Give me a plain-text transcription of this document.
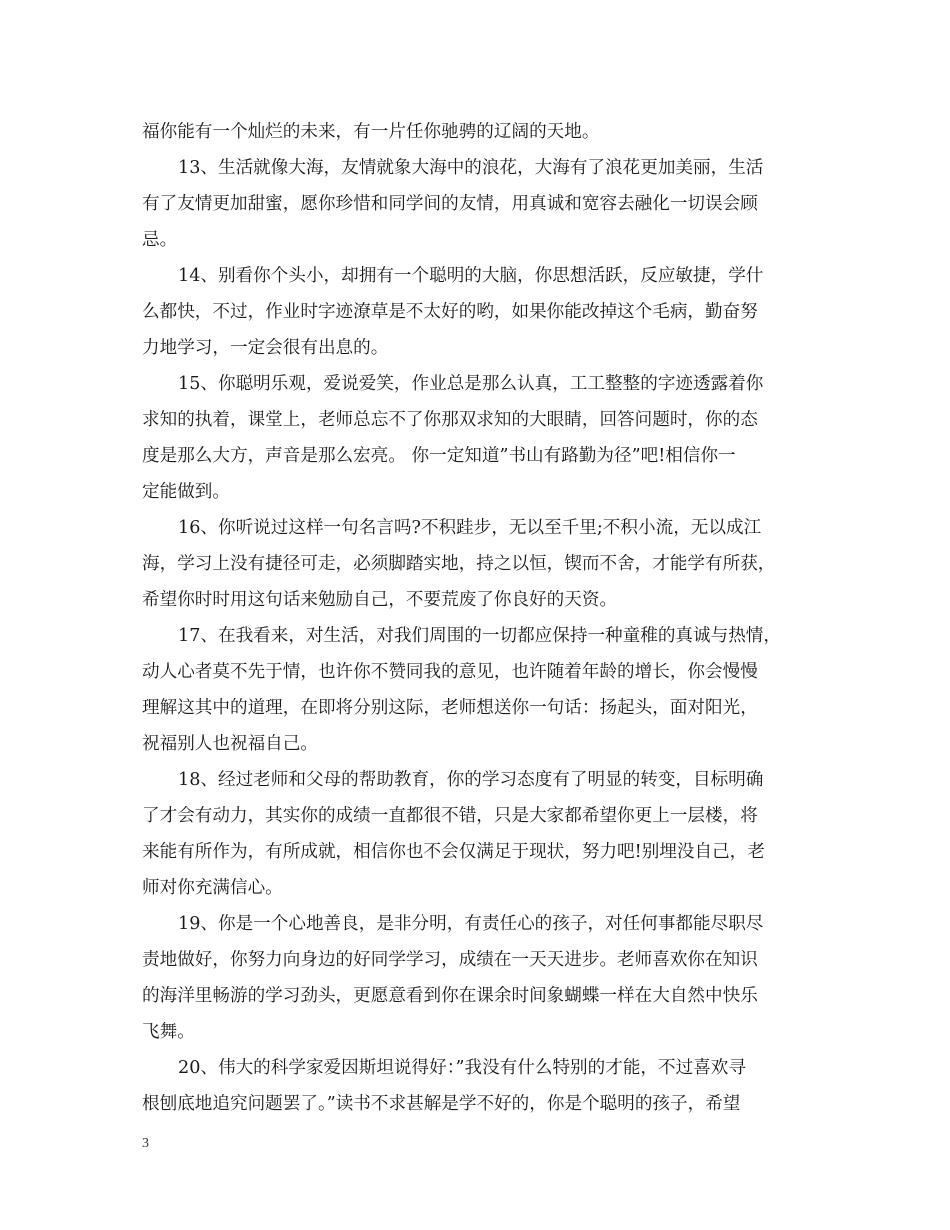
福你能有一个灿烂的未来，有一片任你驰骋的辽阔的天地。
13、生活就像大海，友情就象大海中的浪花，大海有了浪花更加美丽，生活
有了友情更加甜蜜，愿你珍惜和同学间的友情，用真诚和宽容去融化一切误会顾
忌。
14、别看你个头小，却拥有一个聪明的大脑，你思想活跃，反应敏捷，学什
么都快，不过，作业时字迹潦草是不太好的哟，如果你能改掉这个毛病，勤奋努
力地学习，一定会很有出息的。
15、你聪明乐观，爱说爱笑，作业总是那么认真，工工整整的字迹透露着你
求知的执着，课堂上，老师总忘不了你那双求知的大眼睛，回答问题时，你的态
度是那么大方，声音是那么宏亮。 你一定知道”书山有路勤为径”吧!相信你一
定能做到。
16、你听说过这样一句名言吗?不积跬步，无以至千里;不积小流，无以成江
海，学习上没有捷径可走，必须脚踏实地，持之以恒，锲而不舍，才能学有所获，
希望你时时用这句话来勉励自己，不要荒废了你良好的天资。
17、在我看来，对生活，对我们周围的一切都应保持一种童稚的真诚与热情，
动人心者莫不先于情，也许你不赞同我的意见，也许随着年龄的增长，你会慢慢
理解这其中的道理，在即将分别这际，老师想送你一句话：扬起头，面对阳光，
祝福别人也祝福自己。
18、经过老师和父母的帮助教育，你的学习态度有了明显的转变，目标明确
了才会有动力，其实你的成绩一直都很不错，只是大家都希望你更上一层楼，将
来能有所作为，有所成就，相信你也不会仅满足于现状，努力吧!别埋没自己，老
师对你充满信心。
19、你是一个心地善良，是非分明，有责任心的孩子，对任何事都能尽职尽
责地做好，你努力向身边的好同学学习，成绩在一天天进步。老师喜欢你在知识
的海洋里畅游的学习劲头，更愿意看到你在课余时间象蝴蝶一样在大自然中快乐
飞舞。
20、伟大的科学家爱因斯坦说得好：”我没有什么特别的才能，不过喜欢寻
根刨底地追究问题罢了。”读书不求甚解是学不好的，你是个聪明的孩子，希望
3
